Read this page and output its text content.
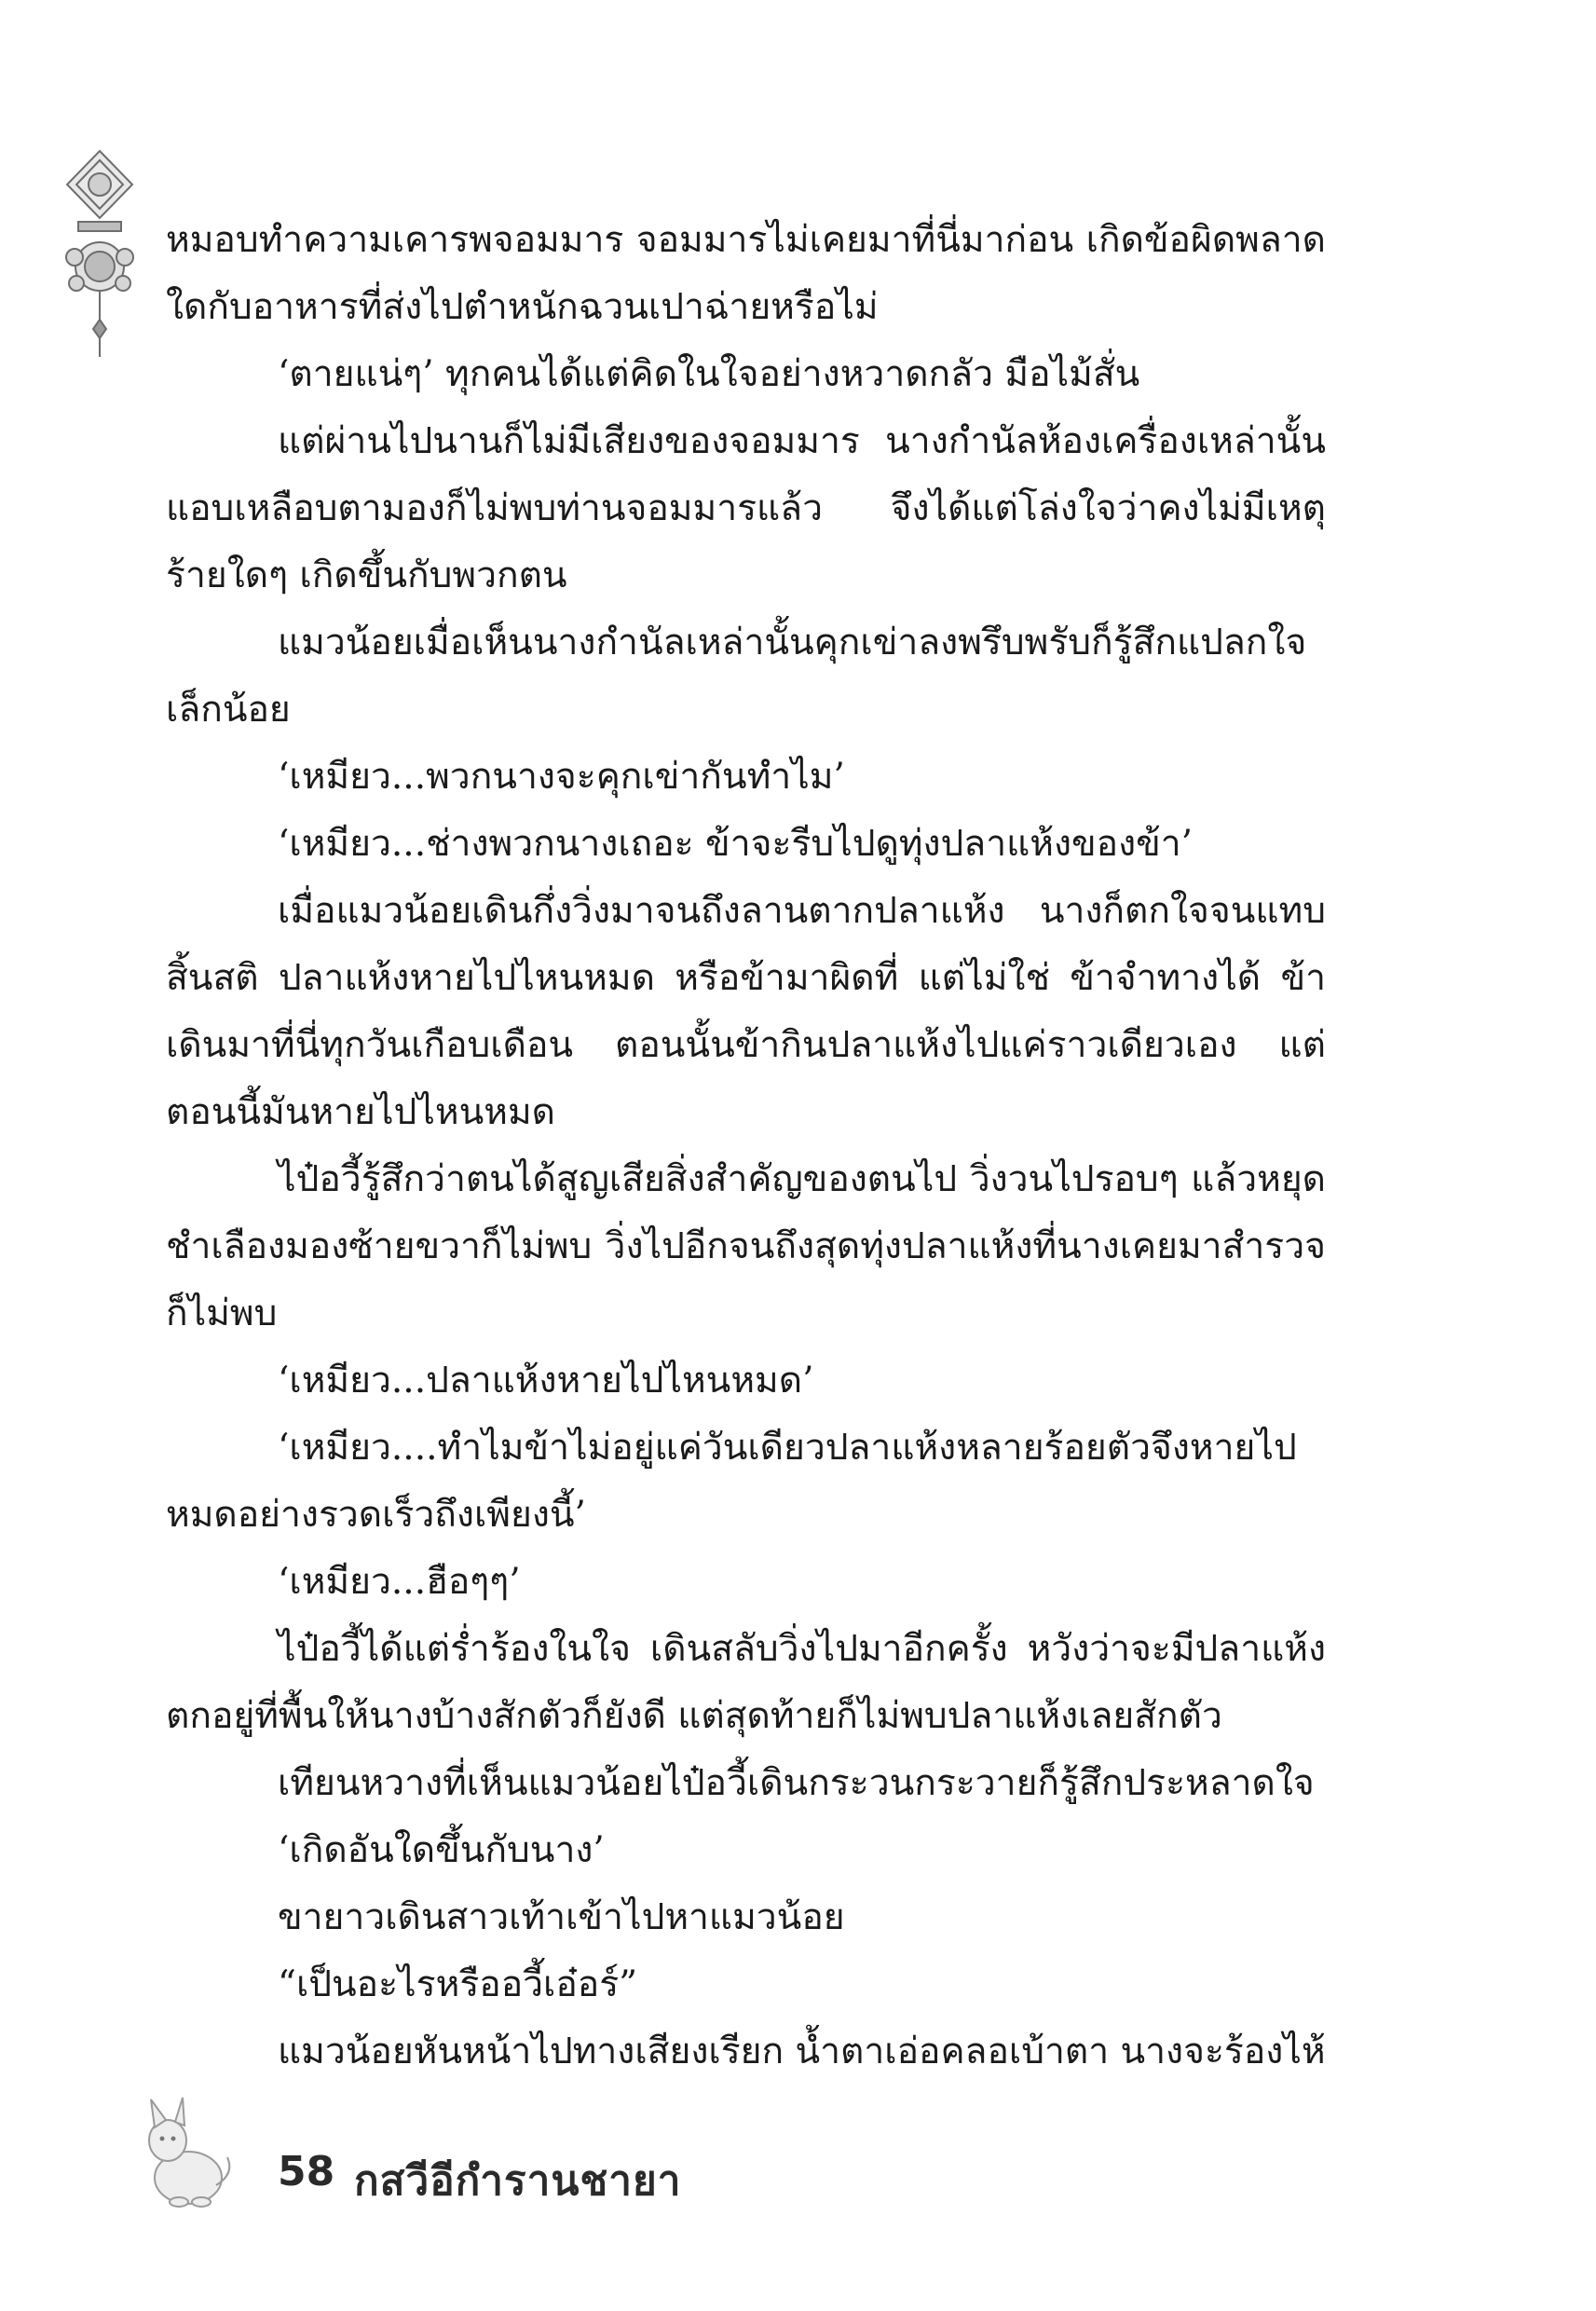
หมอบทำความเคารพจอมมาร จอมมารไม่เคยมาที่นี่มาก่อน เกิดข้อผิดพลาดใดกับอาหารที่ส่งไปตำหนักฉวนเปาฉ่ายหรือไม่

‘ตายแน่ๆ’ ทุกคนได้แต่คิดในใจอย่างหวาดกลัว มือไม้สั่น

แต่ผ่านไปนานก็ไม่มีเสียงของจอมมาร นางกำนัลห้องเครื่องเหล่านั้นแอบเหลือบตามองก็ไม่พบท่านจอมมารแล้ว จึงได้แต่โล่งใจว่าคงไม่มีเหตุร้ายใดๆ เกิดขึ้นกับพวกตน

แมวน้อยเมื่อเห็นนางกำนัลเหล่านั้นคุกเข่าลงพรึบพรับก็รู้สึกแปลกใจเล็กน้อย

‘เหมียว...พวกนางจะคุกเข่ากันทำไม’

‘เหมียว...ช่างพวกนางเถอะ ข้าจะรีบไปดูทุ่งปลาแห้งของข้า’

เมื่อแมวน้อยเดินกึ่งวิ่งมาจนถึงลานตากปลาแห้ง นางก็ตกใจจนแทบสิ้นสติ ปลาแห้งหายไปไหนหมด หรือข้ามาผิดที่ แต่ไม่ใช่ ข้าจำทางได้ ข้าเดินมาที่นี่ทุกวันเกือบเดือน ตอนนั้นข้ากินปลาแห้งไปแค่ราวเดียวเอง แต่ตอนนี้มันหายไปไหนหมด

ไป๋อวี้รู้สึกว่าตนได้สูญเสียสิ่งสำคัญของตนไป วิ่งวนไปรอบๆ แล้วหยุดชำเลืองมองซ้ายขวาก็ไม่พบ วิ่งไปอีกจนถึงสุดทุ่งปลาแห้งที่นางเคยมาสำรวจก็ไม่พบ

‘เหมียว...ปลาแห้งหายไปไหนหมด’

‘เหมียว....ทำไมข้าไม่อยู่แค่วันเดียวปลาแห้งหลายร้อยตัวจึงหายไปหมดอย่างรวดเร็วถึงเพียงนี้’

‘เหมียว...ฮือๆๆ’

ไป๋อวี้ได้แต่ร่ำร้องในใจ เดินสลับวิ่งไปมาอีกครั้ง หวังว่าจะมีปลาแห้งตกอยู่ที่พื้นให้นางบ้างสักตัวก็ยังดี แต่สุดท้ายก็ไม่พบปลาแห้งเลยสักตัว

เทียนหวางที่เห็นแมวน้อยไป๋อวี้เดินกระวนกระวายก็รู้สึกประหลาดใจ

‘เกิดอันใดขึ้นกับนาง’

ขายาวเดินสาวเท้าเข้าไปหาแมวน้อย

“เป็นอะไรหรืออวี้เอ๋อร์”

แมวน้อยหันหน้าไปทางเสียงเรียก น้ำตาเอ่อคลอเบ้าตา นางจะร้องไห้

58 กสวีอีกำรานชายา
